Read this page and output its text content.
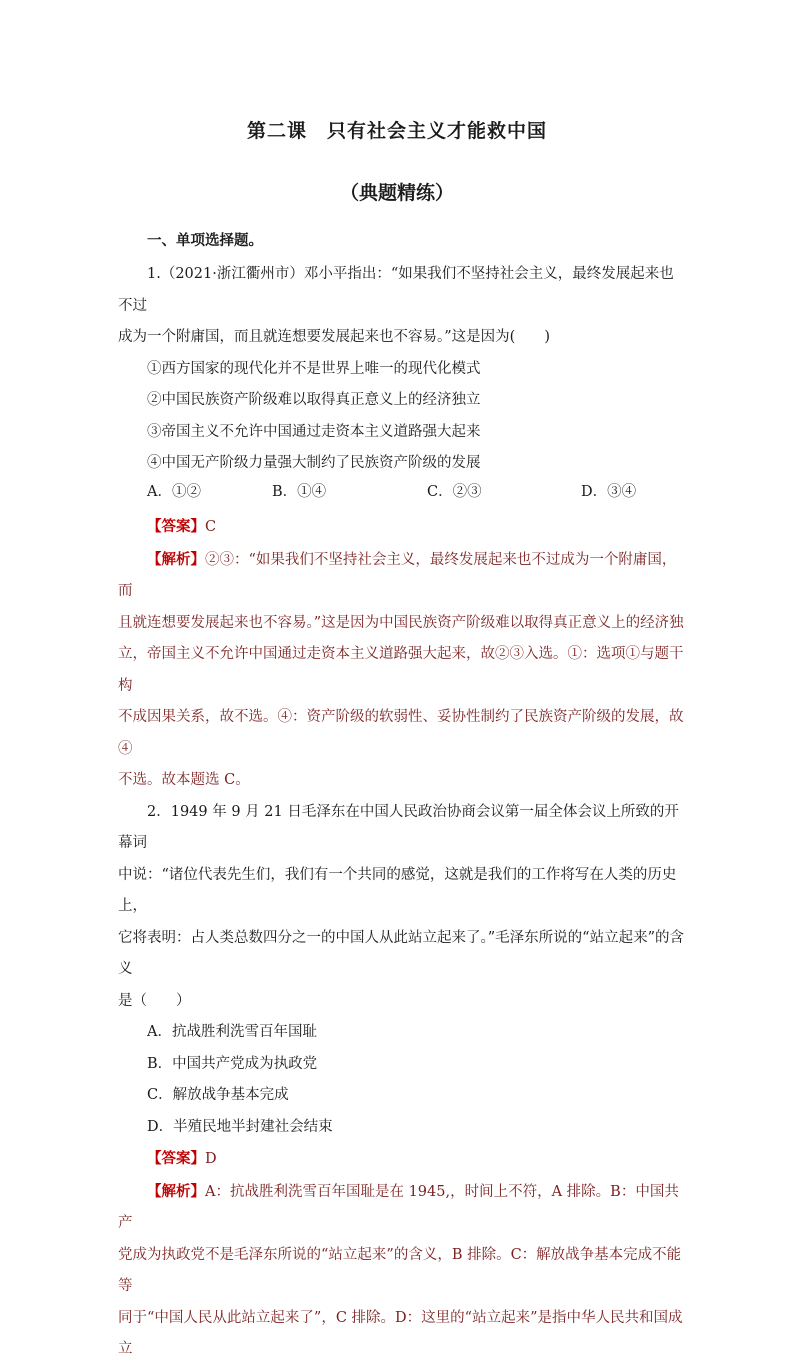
第二课　只有社会主义才能救中国
（典题精练）
一、单项选择题。

1.（2021·浙江衢州市）邓小平指出：“如果我们不坚持社会主义，最终发展起来也不过

成为一个附庸国，而且就连想要发展起来也不容易。”这是因为(　　)

①西方国家的现代化并不是世界上唯一的现代化模式

②中国民族资产阶级难以取得真正意义上的经济独立

③帝国主义不允许中国通过走资本主义道路强大起来

④中国无产阶级力量强大制约了民族资产阶级的发展

A．①②	B．①④	C．②③	D．③④

【答案】C

【解析】②③：“如果我们不坚持社会主义，最终发展起来也不过成为一个附庸国，而

且就连想要发展起来也不容易。”这是因为中国民族资产阶级难以取得真正意义上的经济独

立，帝国主义不允许中国通过走资本主义道路强大起来，故②③入选。①：选项①与题干构

不成因果关系，故不选。④：资产阶级的软弱性、妥协性制约了民族资产阶级的发展，故④

不选。故本题选 C。

2．1949 年 9 月 21 日毛泽东在中国人民政治协商会议第一届全体会议上所致的开幕词

中说：“诸位代表先生们，我们有一个共同的感觉，这就是我们的工作将写在人类的历史上，

它将表明：占人类总数四分之一的中国人从此站立起来了。”毛泽东所说的“站立起来”的含义

是（　　）

A．抗战胜利洗雪百年国耻

B．中国共产党成为执政党

C．解放战争基本完成

D．半殖民地半封建社会结束

【答案】D

【解析】A：抗战胜利洗雪百年国耻是在 1945,，时间上不符，A 排除。B：中国共产

党成为执政党不是毛泽东所说的“站立起来”的含义，B 排除。C：解放战争基本完成不能等

同于“中国人民从此站立起来了”，C 排除。D：这里的“站立起来”是指中华人民共和国成立
